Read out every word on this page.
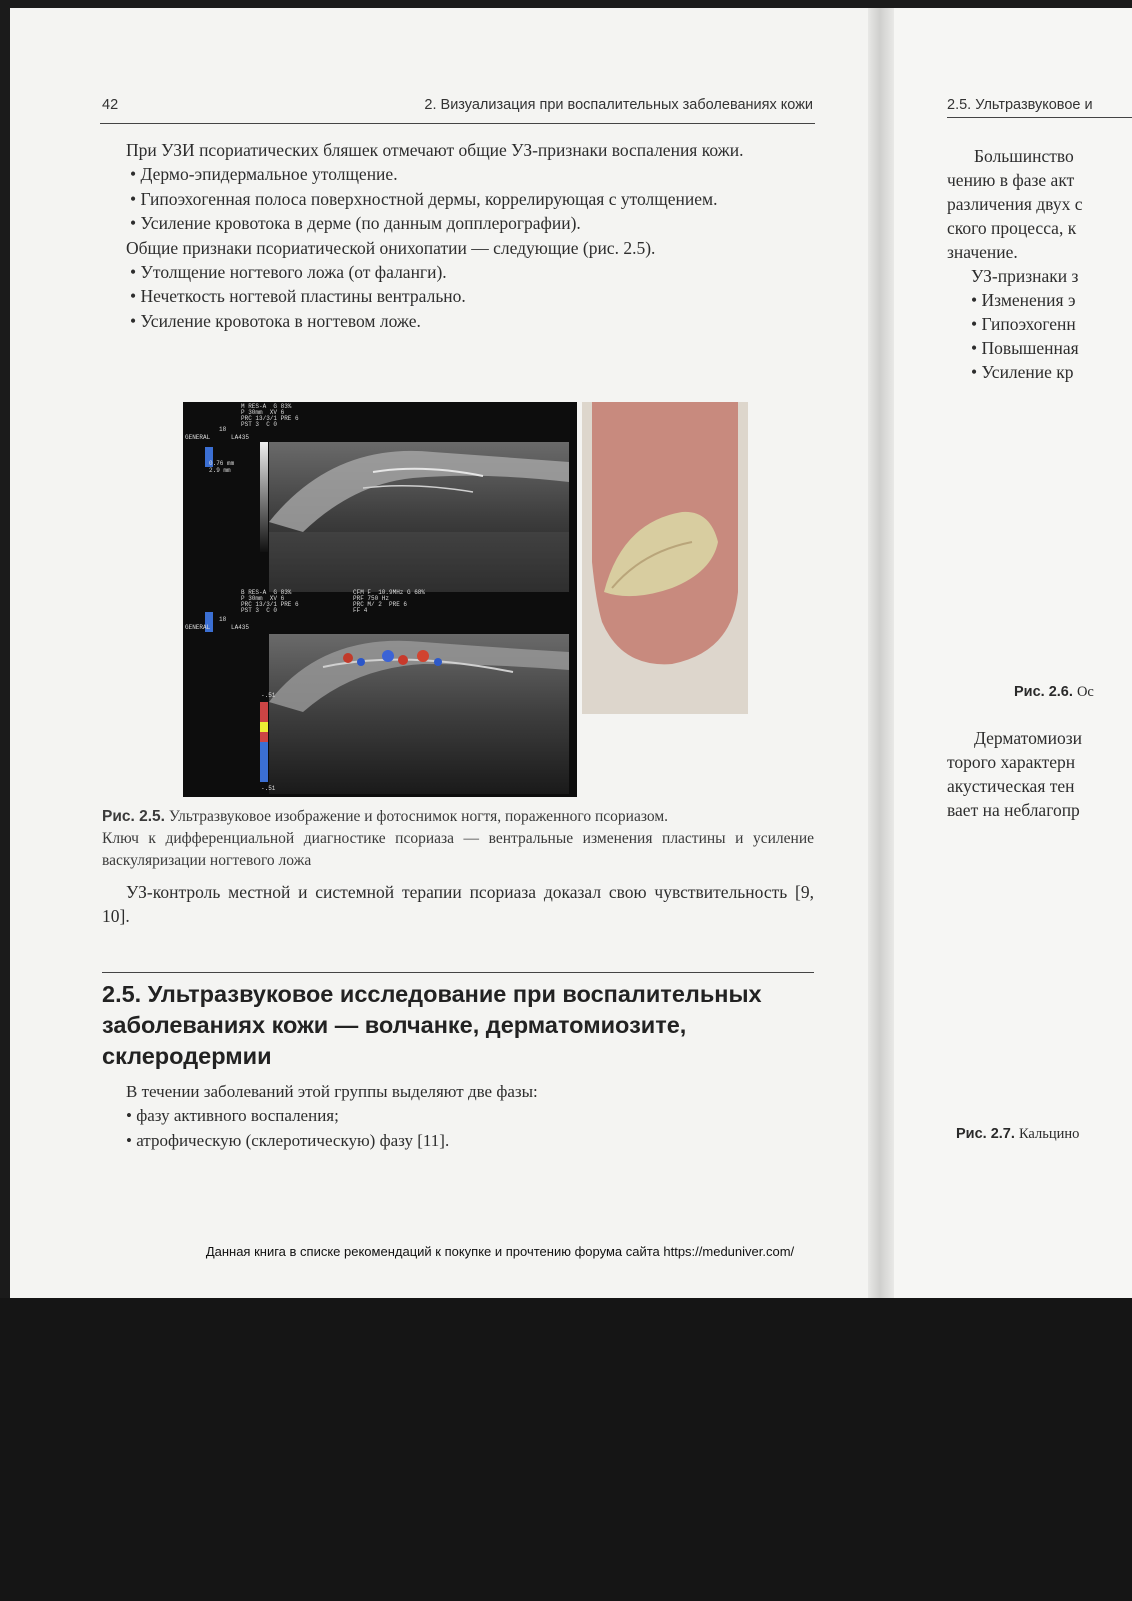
2.5. Ультразвуковое и
Большинство
чению в фазе акт
различения двух с
ского процесса, к
значение.
УЗ-признаки з
• Изменения э
• Гипоэхогенн
• Повышенная
• Усиление кр
Рис. 2.6. Ос
Дерматомиози
торого характерн
акустическая тен
вает на неблагопр
Рис. 2.7. Кальцино
42	2. Визуализация при воспалительных заболеваниях кожи

При УЗИ псориатических бляшек отмечают общие УЗ-признаки воспаления кожи.

• Дермо-эпидермальное утолщение.

• Гипоэхогенная полоса поверхностной дермы, коррелирующая с утолщением.

• Усиление кровотока в дерме (по данным допплерографии).

Общие признаки псориатической онихопатии — следующие (рис. 2.5).

• Утолщение ногтевого ложа (от фаланги).

• Нечеткость ногтевой пластины вентрально.

• Усиление кровотока в ногтевом ложе.

M RES-A  G 83%
P 30mm  XV 6
PRC 13/3/1 PRE 6
PST 3  C 0
LA435
GENERAL
18
0.76 mm
2.9 mm
B RES-A  G 83%
P 30mm  XV 6
PRC 13/3/1 PRE 6
PST 3  C 0
CFM F  10.9MHz G 68%
PRF 750 Hz
PRC M/ 2  PRE 6
FF 4
LA435
GENERAL
18
-.51
-.51
Рис. 2.5. Ультразвуковое изображение и фотоснимок ногтя, пораженного псориазом.
Ключ к дифференциальной диагностике псориаза — вентральные изменения пластины и усиление васкуляризации ногтевого ложа

УЗ-контроль местной и системной терапии псориаза доказал свою чувствительность [9, 10].

2.5. Ультразвуковое исследование при воспалительных заболеваниях кожи — волчанке, дерматомиозите, склеродермии

В течении заболеваний этой группы выделяют две фазы:

• фазу активного воспаления;

• атрофическую (склеротическую) фазу [11].

Данная книга в списке рекомендаций к покупке и прочтению форума сайта https://meduniver.com/
